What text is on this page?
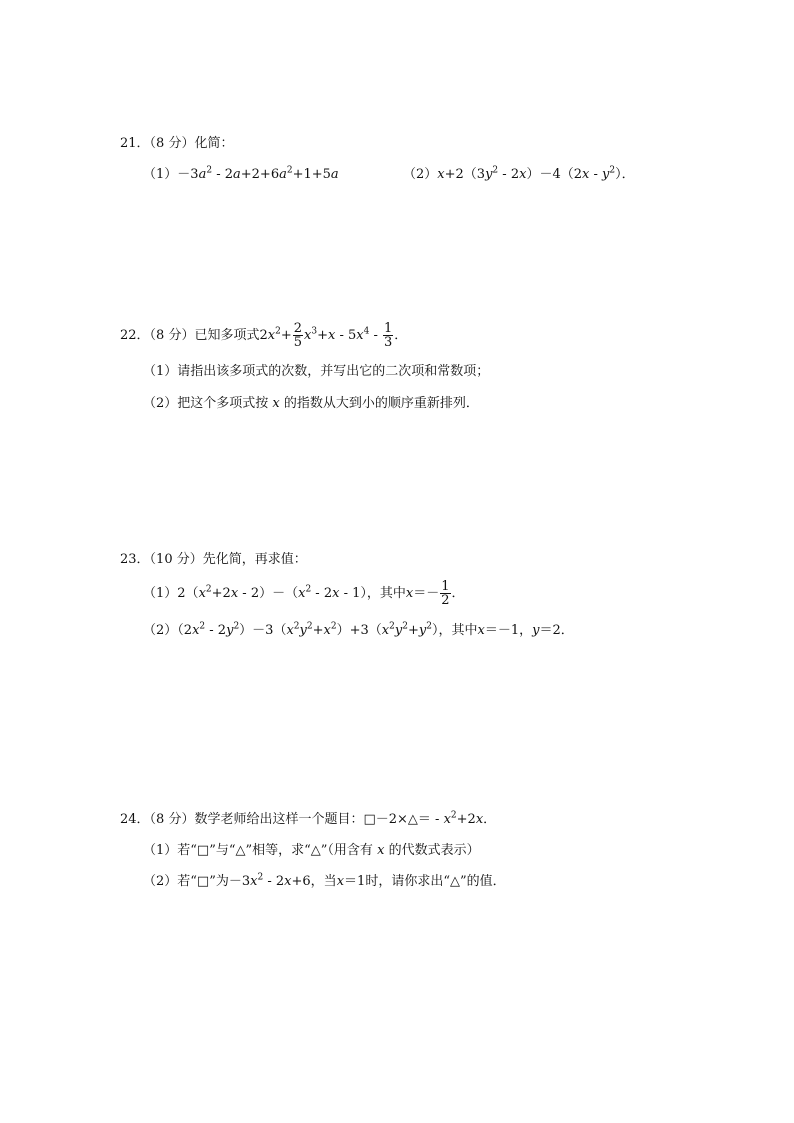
21．（8 分）化简：
$(1)-3a^2 - 2a+2+6a^2+1+5a$	$(2)x+2(3y^2 - 2x)-4(2x - y^2)$．
22．（8 分）已知多项式$2x^2+ \frac{2}{5} x^3+x - 5x^4 - \frac{1}{3}$ ．
（1）请指出该多项式的次数，并写出它的二次项和常数项；
（2）把这个多项式按 x 的指数从大到小的顺序重新排列．
23．（10 分）先化简，再求值：
$(1)2(x^2+2x - 2)-(x^2 - 2x - 1)$，其中$x=- \frac{1}{2}$ ．
$(2)(2x^2 - 2y^2)-3(x^2y^2+x^2)+3(x^2y^2+y^2)$，其中x＝－1，y＝2．
24．（8 分）数学老师给出这样一个题目：□－2×△＝ - $x^2+2x$．
（1）若“□”与“△”相等，求“△”（用含有 x 的代数式表示）
（2）若“□”为$-3x^2 - 2x+6$，当x＝1时，请你求出“△”的值．
